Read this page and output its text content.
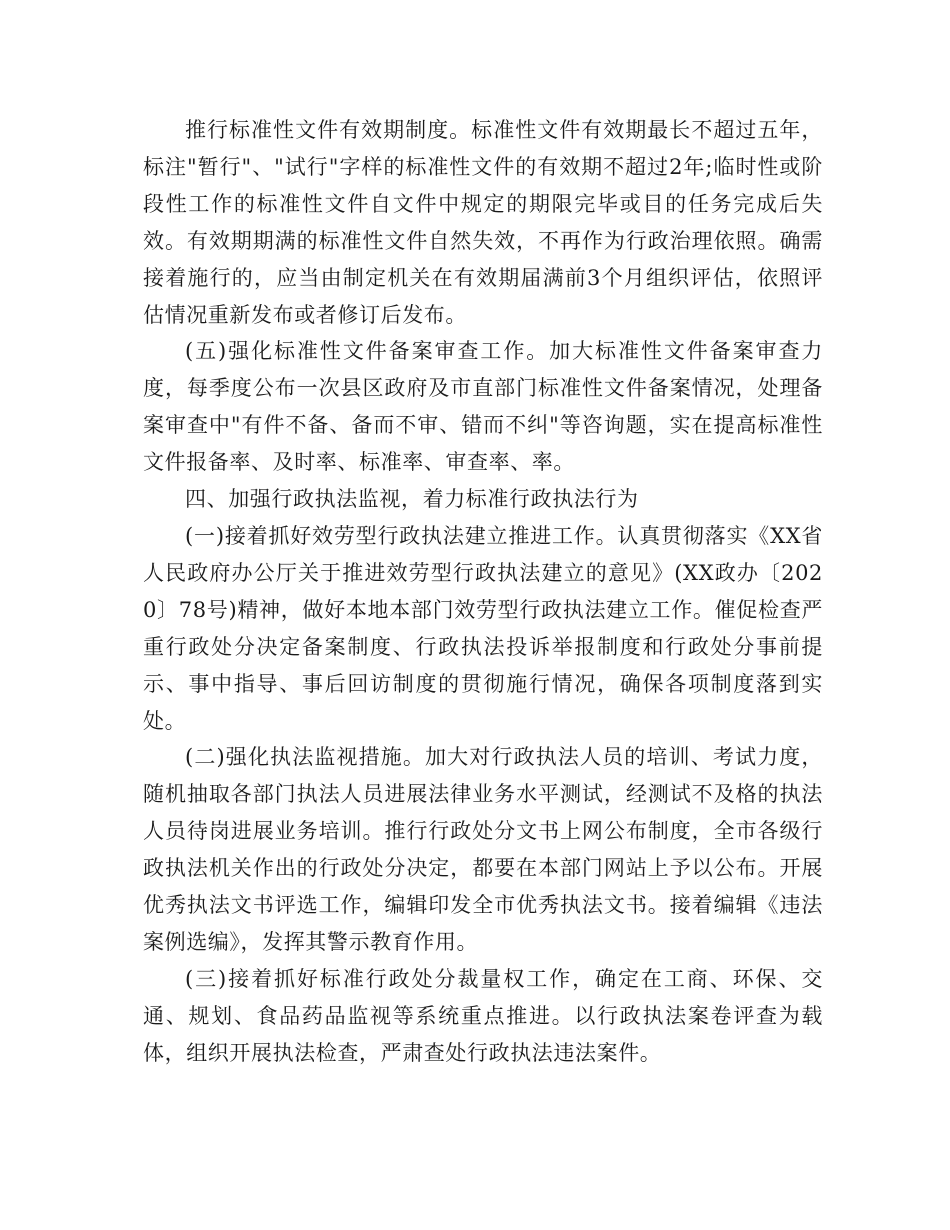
推行标准性文件有效期制度。标准性文件有效期最长不超过五年，标注"暂行"、"试行"字样的标准性文件的有效期不超过2年;临时性或阶段性工作的标准性文件自文件中规定的期限完毕或目的任务完成后失效。有效期期满的标准性文件自然失效，不再作为行政治理依照。确需接着施行的，应当由制定机关在有效期届满前3个月组织评估，依照评估情况重新发布或者修订后发布。

(五)强化标准性文件备案审查工作。加大标准性文件备案审查力度，每季度公布一次县区政府及市直部门标准性文件备案情况，处理备案审查中"有件不备、备而不审、错而不纠"等咨询题，实在提高标准性文件报备率、及时率、标准率、审查率、率。

四、加强行政执法监视，着力标准行政执法行为

(一)接着抓好效劳型行政执法建立推进工作。认真贯彻落实《XX省人民政府办公厅关于推进效劳型行政执法建立的意见》(XX政办〔2020〕78号)精神，做好本地本部门效劳型行政执法建立工作。催促检查严重行政处分决定备案制度、行政执法投诉举报制度和行政处分事前提示、事中指导、事后回访制度的贯彻施行情况，确保各项制度落到实处。

(二)强化执法监视措施。加大对行政执法人员的培训、考试力度，随机抽取各部门执法人员进展法律业务水平测试，经测试不及格的执法人员待岗进展业务培训。推行行政处分文书上网公布制度，全市各级行政执法机关作出的行政处分决定，都要在本部门网站上予以公布。开展优秀执法文书评选工作，编辑印发全市优秀执法文书。接着编辑《违法案例选编》，发挥其警示教育作用。

(三)接着抓好标准行政处分裁量权工作，确定在工商、环保、交通、规划、食品药品监视等系统重点推进。以行政执法案卷评查为载体，组织开展执法检查，严肃查处行政执法违法案件。
